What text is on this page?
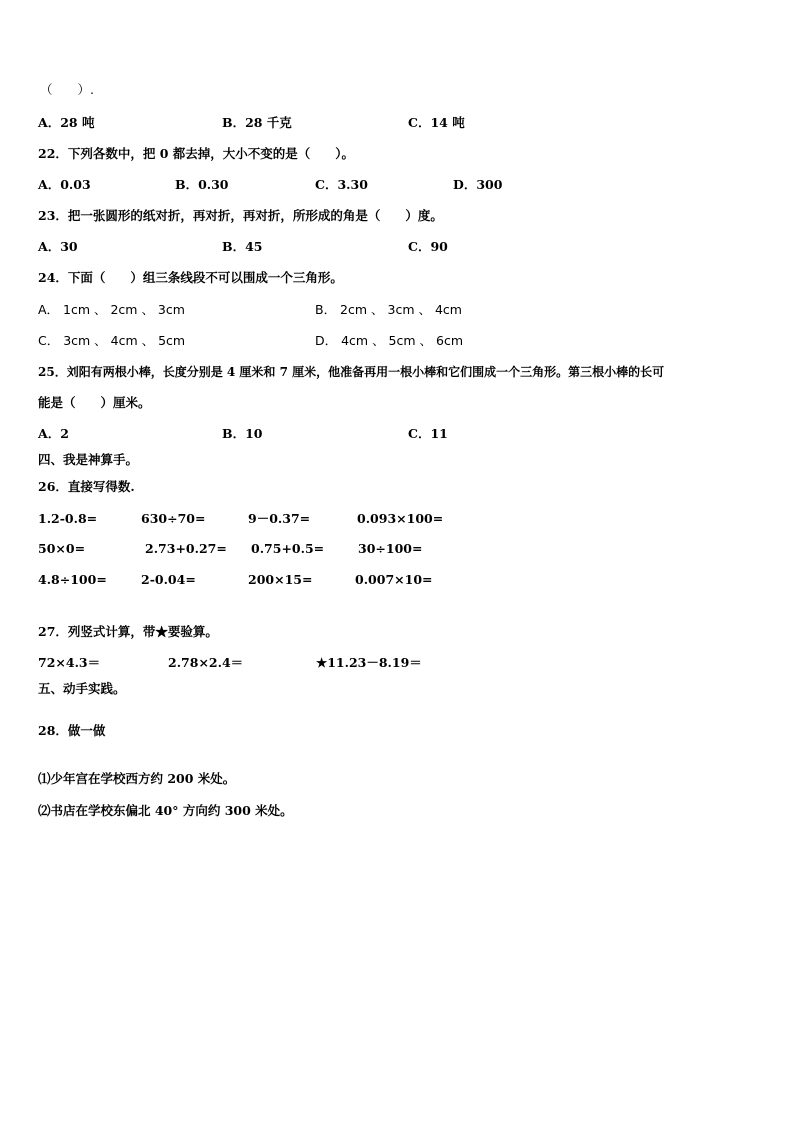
（　　）.
A．28 吨	B．28 千克	C．14 吨
22．下列各数中，把 0 都去掉，大小不变的是（　　）。
A．0.03	B．0.30	C．3.30	D．300
23．把一张圆形的纸对折，再对折，再对折，所形成的角是（　　）度。
A．30	B．45	C．90
24．下面（　　）组三条线段不可以围成一个三角形。
A． 1cm 、 2cm 、 3cm	B． 2cm 、 3cm 、 4cm
C． 3cm 、 4cm 、 5cm	D． 4cm 、 5cm 、 6cm
25．刘阳有两根小棒，长度分别是 4 厘米和 7 厘米，他准备再用一根小棒和它们围成一个三角形。第三根小棒的长可
能是（　　）厘米。
A．2	B．10	C．11
四、我是神算手。
26．直接写得数.
1.2-0.8=	630÷70=	9－0.37=	0.093×100=
50×0=	2.73+0.27= 0.75+0.5=	30÷100=
4.8÷100=	2-0.04=	200×15=	0.007×10=
27．列竖式计算，带★要验算。
72×4.3＝	2.78×2.4＝	★11.23－8.19＝
五、动手实践。
28．做一做
⑴少年宫在学校西方约 200 米处。
⑵书店在学校东偏北 40° 方向约 300 米处。
